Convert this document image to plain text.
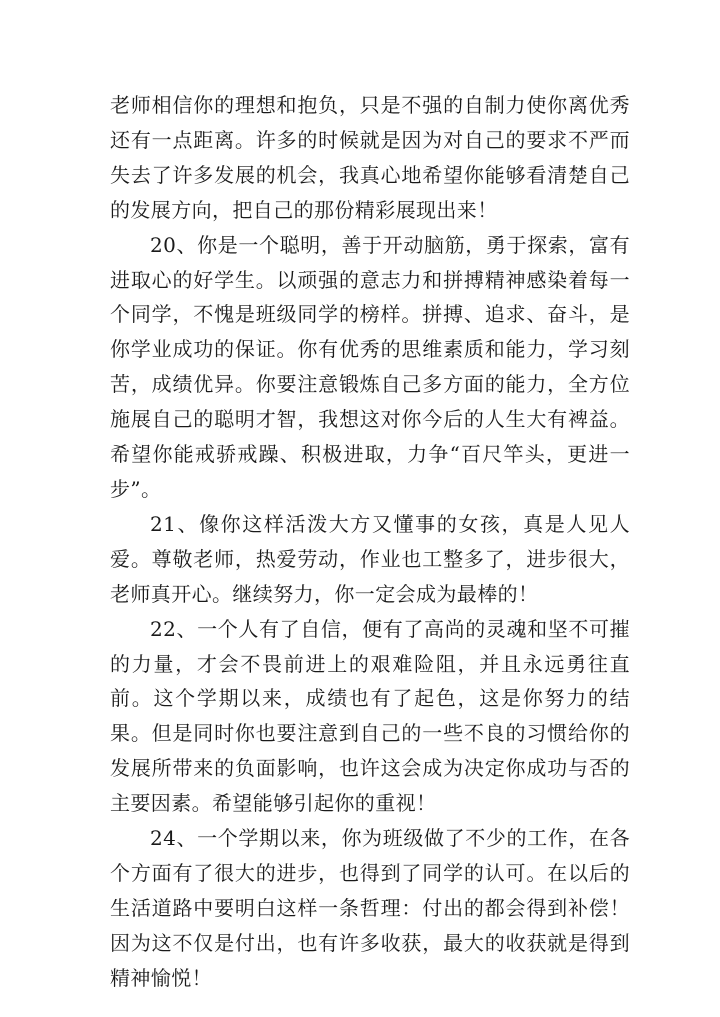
老师相信你的理想和抱负，只是不强的自制力使你离优秀还有一点距离。许多的时候就是因为对自己的要求不严而失去了许多发展的机会，我真心地希望你能够看清楚自己的发展方向，把自己的那份精彩展现出来！

20、你是一个聪明，善于开动脑筋，勇于探索，富有进取心的好学生。以顽强的意志力和拼搏精神感染着每一个同学，不愧是班级同学的榜样。拼搏、追求、奋斗，是你学业成功的保证。你有优秀的思维素质和能力，学习刻苦，成绩优异。你要注意锻炼自己多方面的能力，全方位施展自己的聪明才智，我想这对你今后的人生大有裨益。希望你能戒骄戒躁、积极进取，力争“百尺竿头，更进一步”。

21、像你这样活泼大方又懂事的女孩，真是人见人爱。尊敬老师，热爱劳动，作业也工整多了，进步很大，老师真开心。继续努力，你一定会成为最棒的！

22、一个人有了自信，便有了高尚的灵魂和坚不可摧的力量，才会不畏前进上的艰难险阻，并且永远勇往直前。这个学期以来，成绩也有了起色，这是你努力的结果。但是同时你也要注意到自己的一些不良的习惯给你的发展所带来的负面影响，也许这会成为决定你成功与否的主要因素。希望能够引起你的重视！

24、一个学期以来，你为班级做了不少的工作，在各个方面有了很大的进步，也得到了同学的认可。在以后的生活道路中要明白这样一条哲理：付出的都会得到补偿！因为这不仅是付出，也有许多收获，最大的收获就是得到精神愉悦！
